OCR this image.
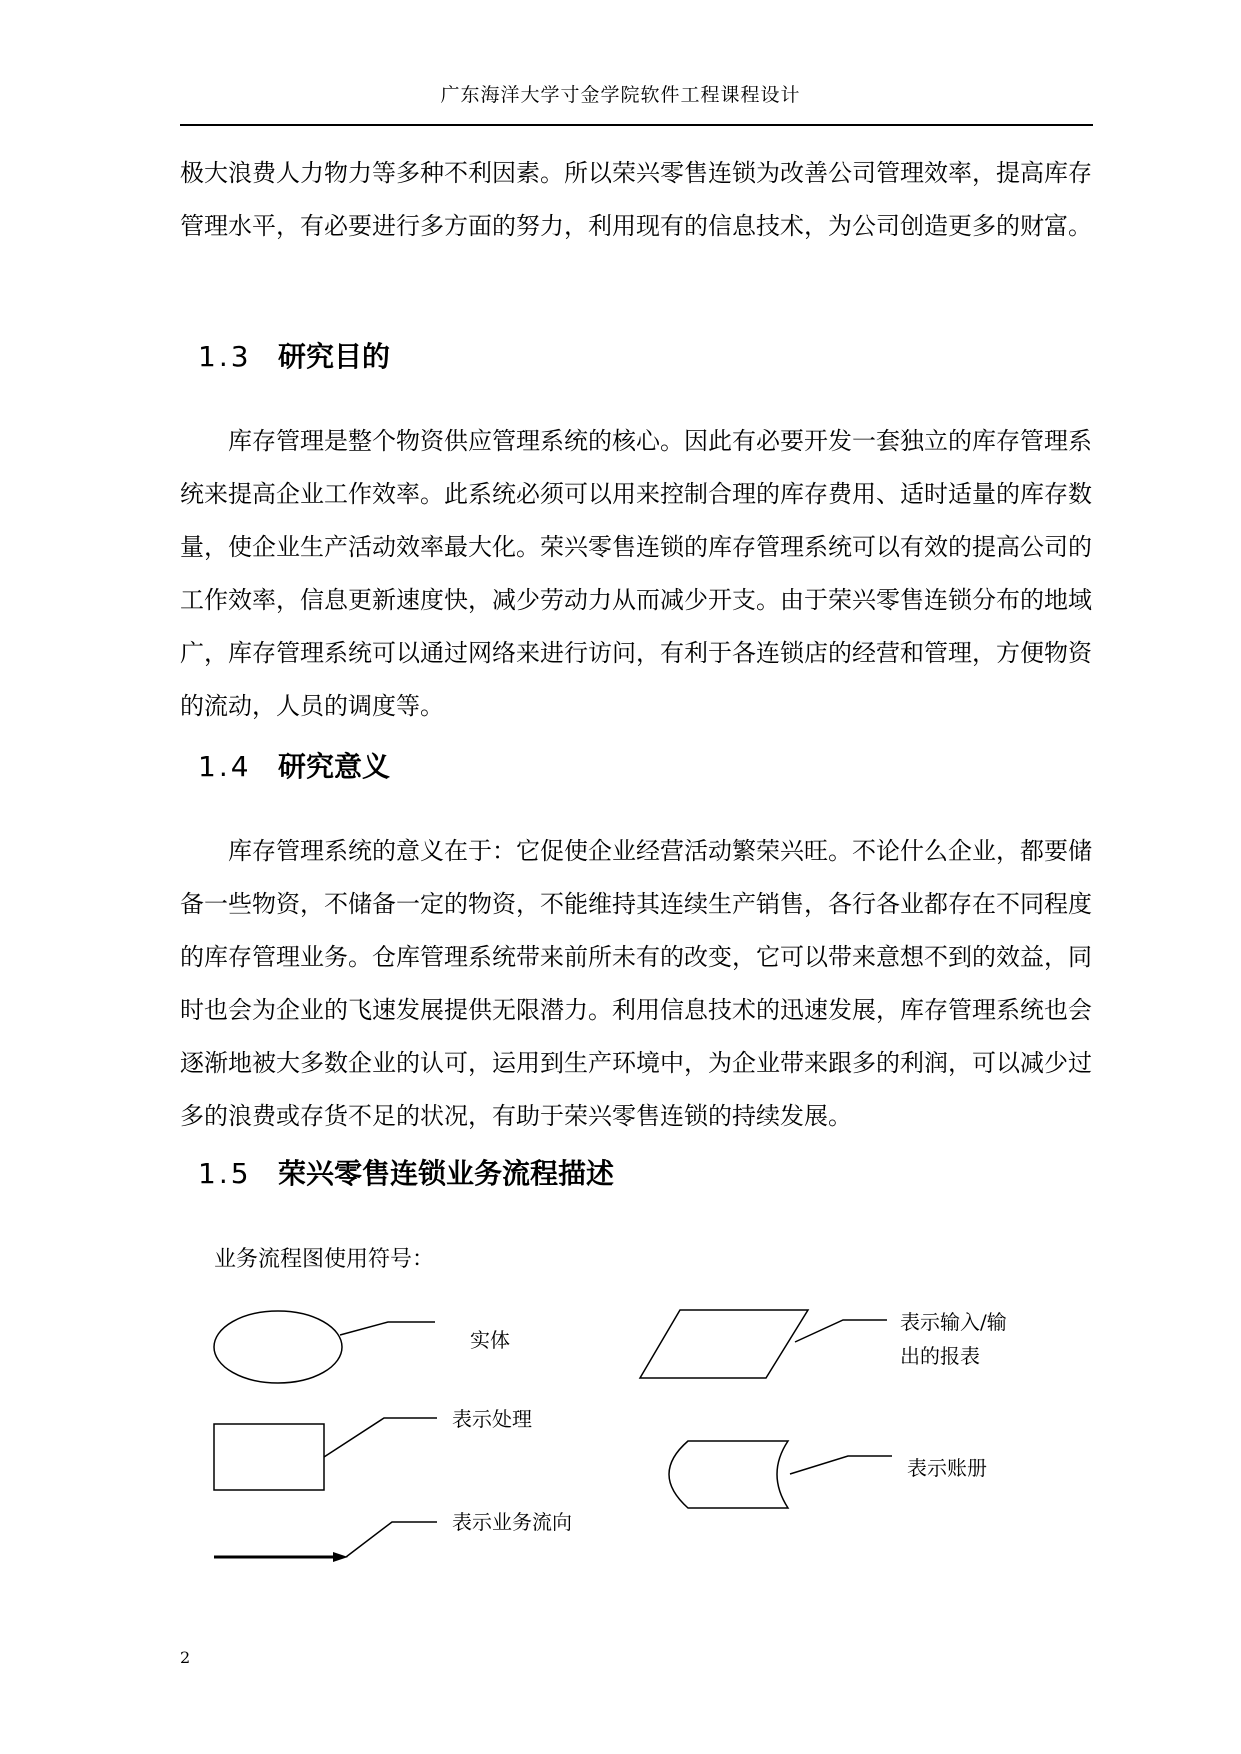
广东海洋大学寸金学院软件工程课程设计

极大浪费人力物力等多种不利因素。所以荣兴零售连锁为改善公司管理效率，提高库存管理水平，有必要进行多方面的努力，利用现有的信息技术，为公司创造更多的财富。

1.3 研究目的

库存管理是整个物资供应管理系统的核心。因此有必要开发一套独立的库存管理系统来提高企业工作效率。此系统必须可以用来控制合理的库存费用、适时适量的库存数量，使企业生产活动效率最大化。荣兴零售连锁的库存管理系统可以有效的提高公司的工作效率，信息更新速度快，减少劳动力从而减少开支。由于荣兴零售连锁分布的地域广，库存管理系统可以通过网络来进行访问，有利于各连锁店的经营和管理，方便物资的流动，人员的调度等。

1.4 研究意义

库存管理系统的意义在于：它促使企业经营活动繁荣兴旺。不论什么企业，都要储备一些物资，不储备一定的物资，不能维持其连续生产销售，各行各业都存在不同程度的库存管理业务。仓库管理系统带来前所未有的改变，它可以带来意想不到的效益，同时也会为企业的飞速发展提供无限潜力。利用信息技术的迅速发展，库存管理系统也会逐渐地被大多数企业的认可，运用到生产环境中，为企业带来跟多的利润，可以减少过多的浪费或存货不足的状况，有助于荣兴零售连锁的持续发展。

1.5 荣兴零售连锁业务流程描述
业务流程图使用符号：
实体
表示输入/输
出的报表
表示处理
表示账册
表示业务流向
2
